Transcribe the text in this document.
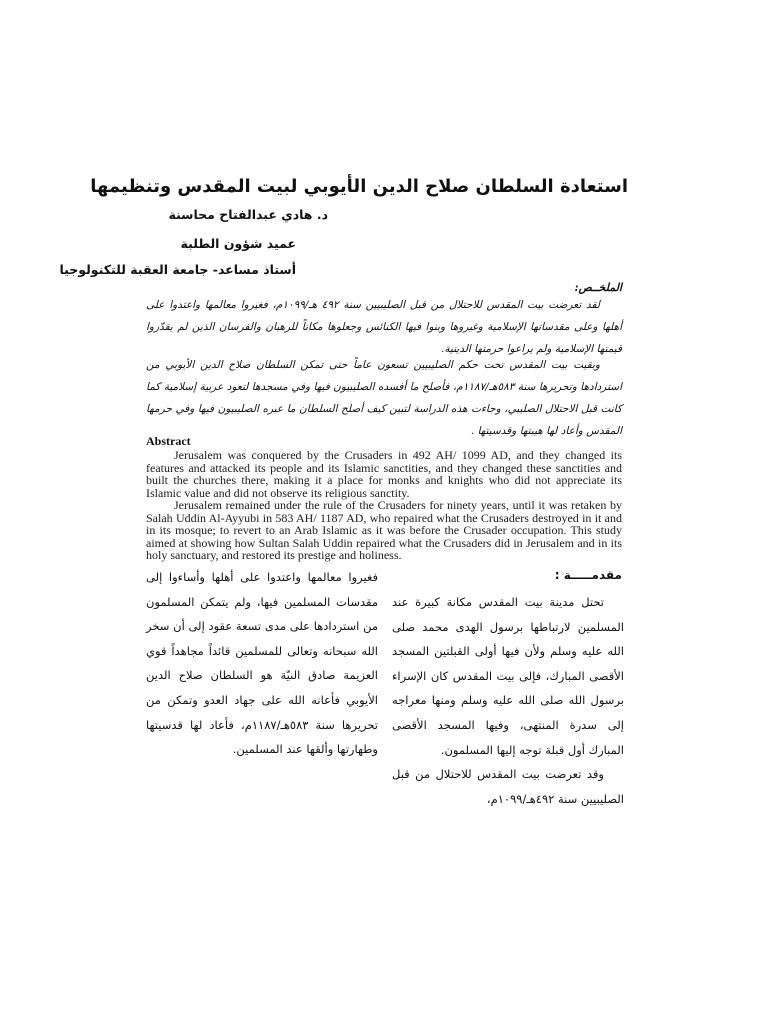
استعادة السلطان صلاح الدين الأيوبي لبيت المقدس وتنظيمها
د. هادي عبدالفتاح محاسنة
عميد شؤون الطلبة
أستاذ مساعد- جامعة العقبة للتكنولوجيا
الملخــص:

لقد تعرضت بيت المقدس للاحتلال من قبل الصليبيين سنة ٤٩٢ هـ/١٠٩٩م، فغيروا معالمها واعتدوا على أهلها وعلى مقدساتها الإسلامية وغيروها وبنوا فيها الكنائس وجعلوها مكاناً للرهبان والفرسان الذين لم يقدّروا قيمتها الإسلامية ولم يراعوا حرمتها الدينية.

وبقيت بيت المقدس تحت حكم الصليبيين تسعون عاماً حتى تمكن السلطان صلاح الدين الأيوبي من استردادها وتحريرها سنة ٥٨٣هـ/١١٨٧م، فأصلح ما أفسده الصليبيون فيها وفي مسجدها لتعود عربية إسلامية كما كانت قبل الاحتلال الصليبي، وجاءت هذه الدراسة لتبين كيف أصلح السلطان ما عبره الصليبيون فيها وفي حرمها المقدس وأعاد لها هيبتها وقدسيتها .

Abstract

Jerusalem was conquered by the Crusaders in 492 AH/ 1099 AD, and they changed its features and attacked its people and its Islamic sanctities, and they changed these sanctities and built the churches there, making it a place for monks and knights who did not appreciate its Islamic value and did not observe its religious sanctity.

Jerusalem remained under the rule of the Crusaders for ninety years, until it was retaken by Salah Uddin Al-Ayyubi in 583 AH/ 1187 AD, who repaired what the Crusaders destroyed in it and in its mosque; to revert to an Arab Islamic as it was before the Crusader occupation. This study aimed at showing how Sultan Salah Uddin repaired what the Crusaders did in Jerusalem and in its holy sanctuary, and restored its prestige and holiness.

مقدمـــــة :

تحتل مدينة بيت المقدس مكانة كبيرة عند المسلمين لارتباطها برسول الهدى محمد صلى الله عليه وسلم ولأن فيها أولى القبلتين المسجد الأقصى المبارك، فإلى بيت المقدس كان الإسراء برسول الله صلى الله عليه وسلم ومنها معراجه إلى سدرة المنتهى، وفيها المسجد الأقصى المبارك أول قبلة توجه إليها المسلمون.

وقد تعرضت بيت المقدس للاحتلال من قبل الصليبيين سنة ٤٩٢هـ/١٠٩٩م،

فغيروا معالمها واعتدوا على أهلها وأساءوا إلى مقدسات المسلمين فيها، ولم يتمكن المسلمون من استردادها على مدى تسعة عقود إلى أن سخر الله سبحانه وتعالى للمسلمين قائداً مجاهداً قوي العزيمة صادق النيّة هو السلطان صلاح الدين الأيوبي فأعانه الله على جهاد العدو وتمكن من تحريرها سنة ٥٨٣هـ/١١٨٧م، فأعاد لها قدسيتها وطهارتها وألقها عند المسلمين.
